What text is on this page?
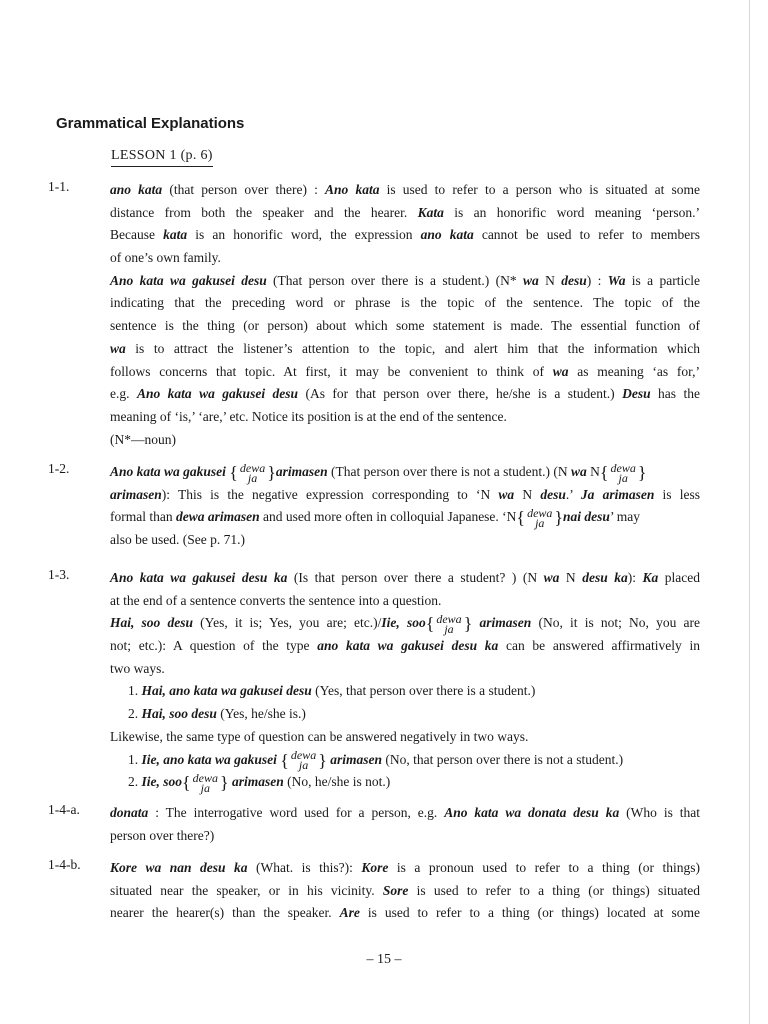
Grammatical Explanations
LESSON 1 (p. 6)
1-1.	ano kata (that person over there) : Ano kata is used to refer to a person who is situated at some
distance from both the speaker and the hearer. Kata is an honorific word meaning ‘person.’
Because kata is an honorific word, the expression ano kata cannot be used to refer to members
of one’s own family.
Ano kata wa gakusei desu (That person over there is a student.) (N* wa N desu) : Wa is a particle
indicating that the preceding word or phrase is the topic of the sentence. The topic of the
sentence is the thing (or person) about which some statement is made. The essential function of
wa is to attract the listener’s attention to the topic, and alert him that the information which
follows concerns that topic. At first, it may be convenient to think of wa as meaning ‘as for,’
e.g. Ano kata wa gakusei desu (As for that person over there, he/she is a student.) Desu has the
meaning of ‘is,’ ‘are,’ etc. Notice its position is at the end of the sentence.
(N*—noun)
1-2.	Ano kata wa gakusei { dewa
ja }arimasen (That person over there is not a student.) (N wa N{ dewa
ja }
arimasen): This is the negative expression corresponding to ‘N wa N desu.’ Ja arimasen is less
formal than dewa arimasen and used more often in colloquial Japanese. ‘N{ dewa
ja }nai desu’ may
also be used. (See p. 71.)
1-3.	Ano kata wa gakusei desu ka (Is that person over there a student? ) (N wa N desu ka): Ka placed
at the end of a sentence converts the sentence into a question.
Hai, soo desu (Yes, it is; Yes, you are; etc.)/Iie, soo{ dewa
ja } arimasen (No, it is not; No, you are
not; etc.): A question of the type ano kata wa gakusei desu ka can be answered affirmatively in
two ways.
1. Hai, ano kata wa gakusei desu (Yes, that person over there is a student.)
2. Hai, soo desu (Yes, he/she is.)
Likewise, the same type of question can be answered negatively in two ways.
1. Iie, ano kata wa gakusei { dewa
ja } arimasen (No, that person over there is not a student.)
2. Iie, soo{ dewa
ja } arimasen (No, he/she is not.)
1-4-a. donata : The interrogative word used for a person, e.g. Ano kata wa donata desu ka (Who is that
person over there?)
1-4-b. Kore wa nan desu ka (What. is this?): Kore is a pronoun used to refer to a thing (or things)
situated near the speaker, or in his vicinity. Sore is used to refer to a thing (or things) situated
nearer the hearer(s) than the speaker. Are is used to refer to a thing (or things) located at some
– 15 –
